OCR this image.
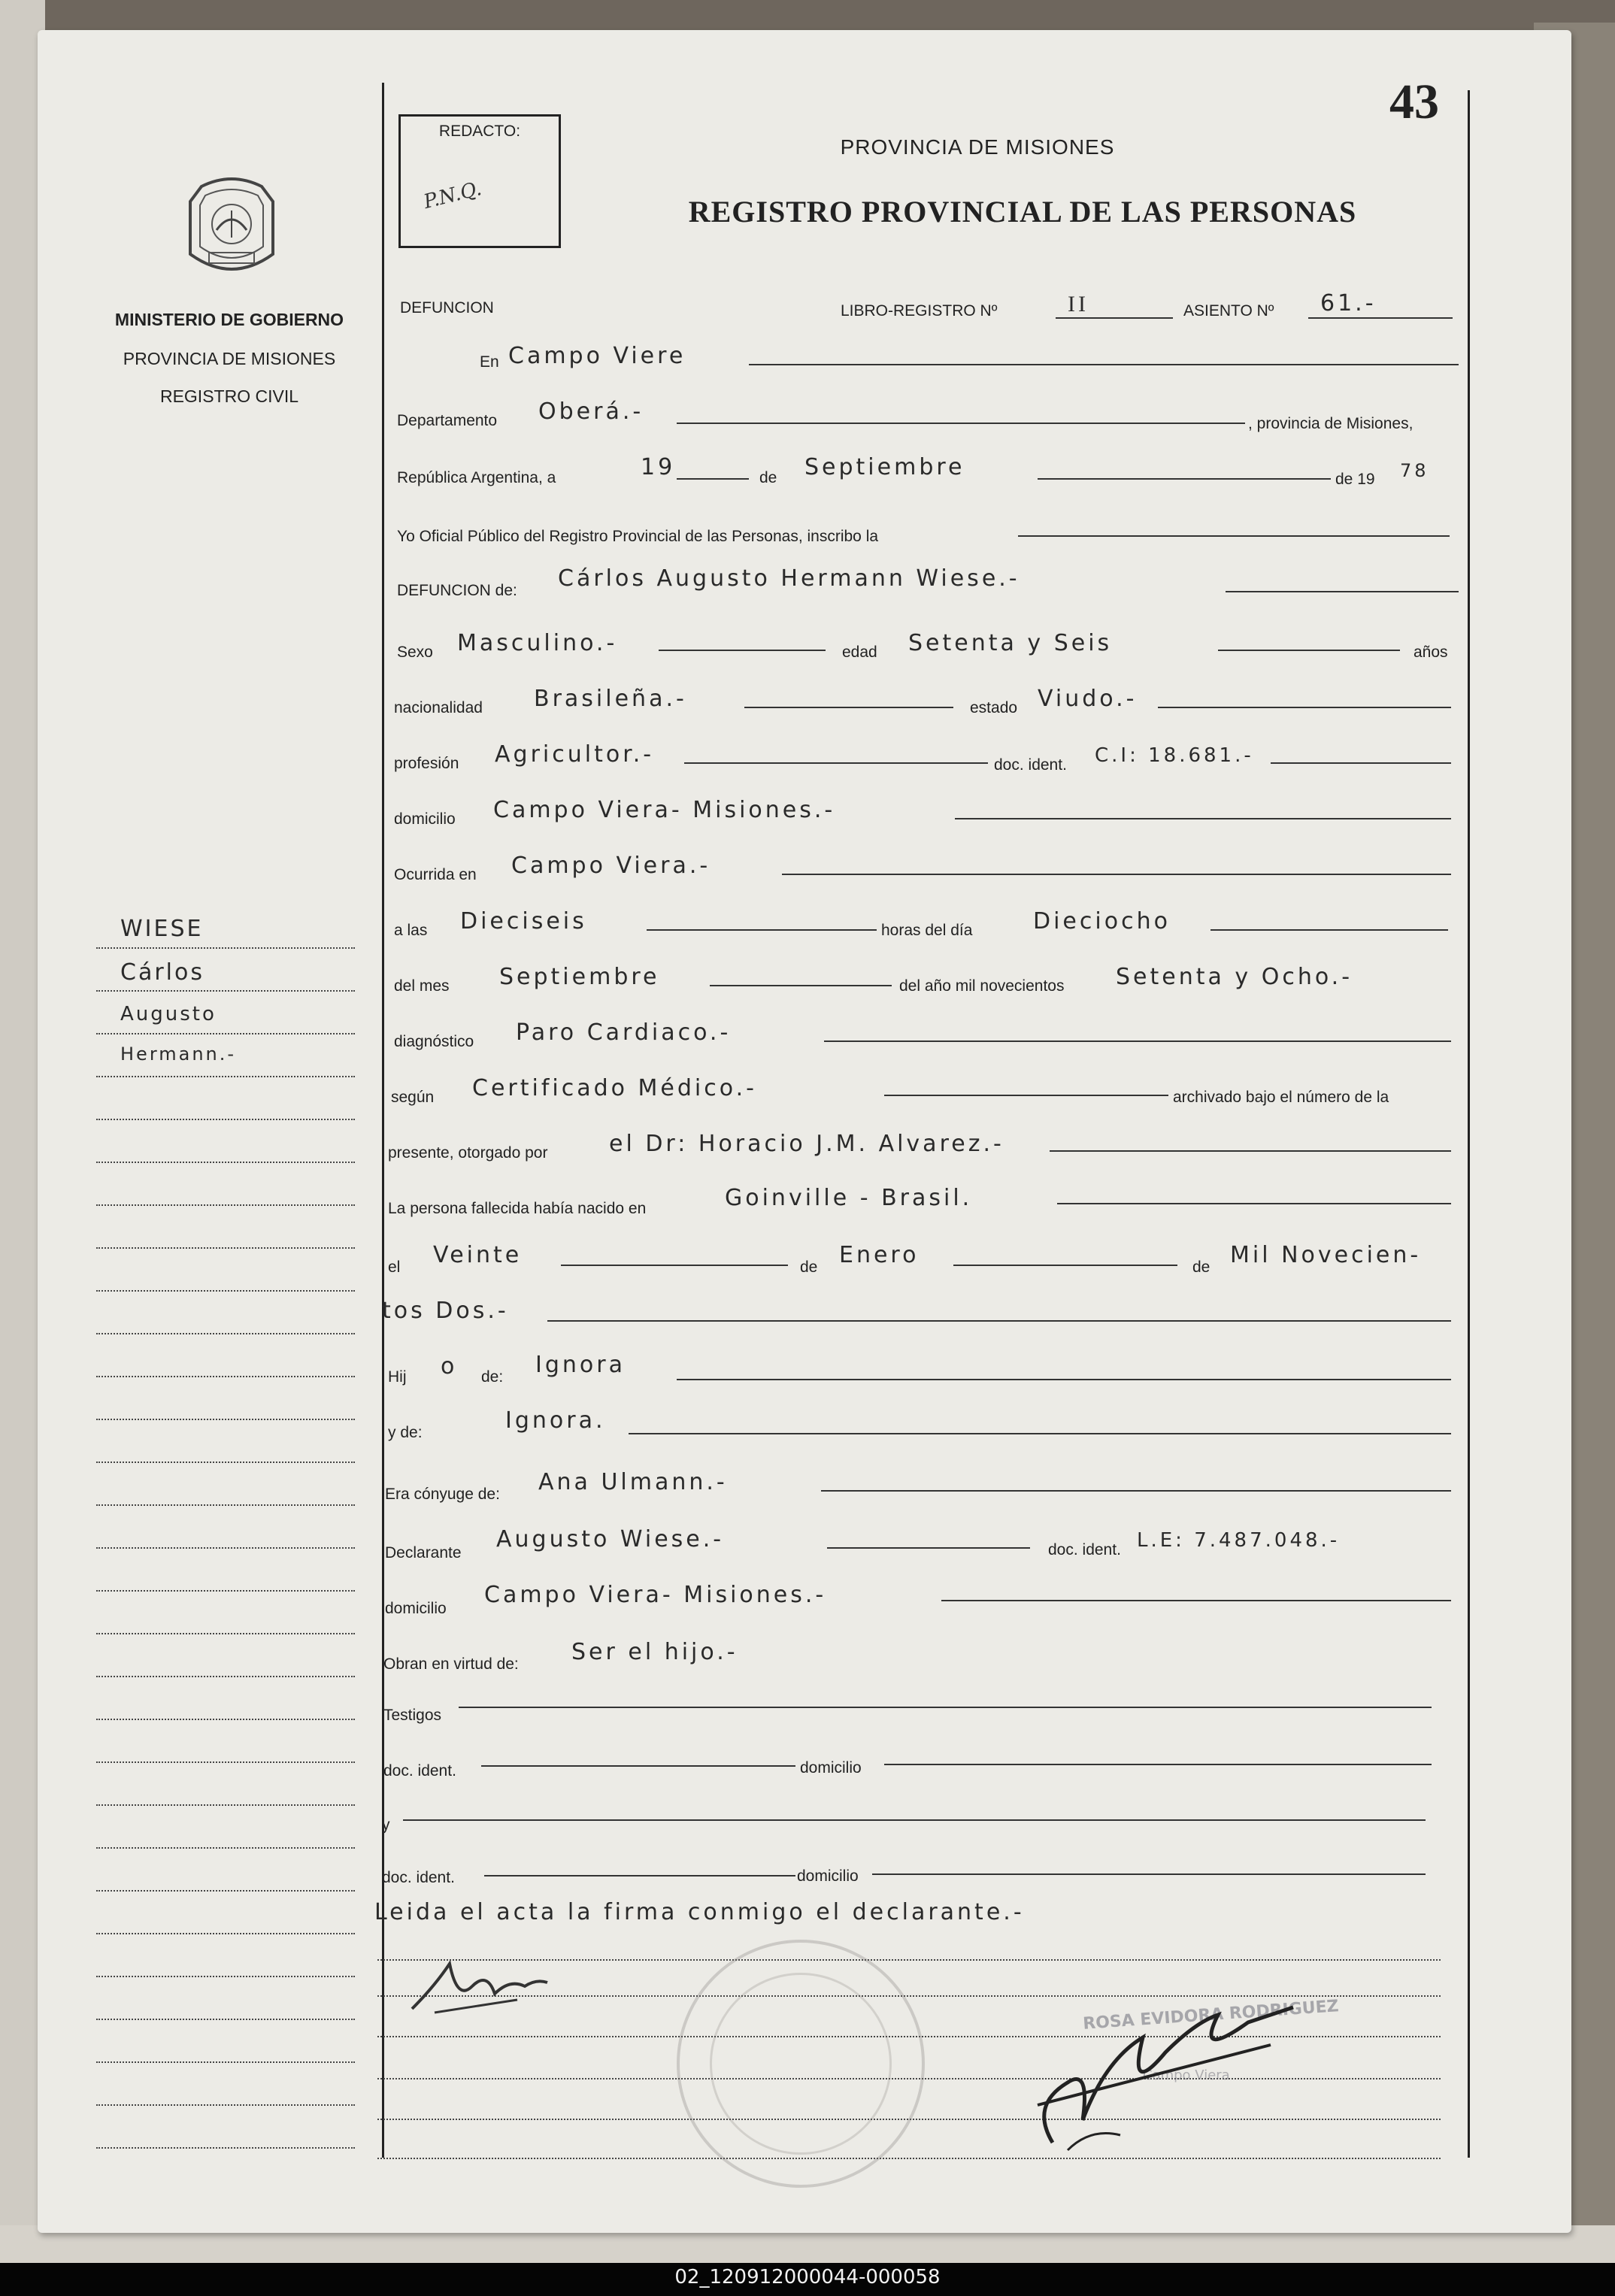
43
MINISTERIO DE GOBIERNO
PROVINCIA DE MISIONES
REGISTRO CIVIL
REDACTO:
P.N.Q.
PROVINCIA DE MISIONES
REGISTRO PROVINCIAL DE LAS PERSONAS
DEFUNCION	LIBRO-REGISTRO Nº	II	ASIENTO Nº 61.-
En Campo Viere
Departamento Oberá.-	, provincia de Misiones,
República Argentina, a	19	de Septiembre	de 19 78
Yo Oficial Público del Registro Provincial de las Personas, inscribo la
DEFUNCION de: Cárlos Augusto Hermann Wiese.-
Sexo Masculino.-	edad Setenta y Seis	años
nacionalidad Brasileña.-	estado Viudo.-
profesión Agricultor.-	doc. ident. C.I: 18.681.-
domicilio Campo Viera- Misiones.-
Ocurrida en Campo Viera.-
a las Dieciseis	horas del día	Dieciocho
del mes Septiembre	del año mil novecientos Setenta y Ocho.-
diagnóstico Paro Cardiaco.-
según Certificado Médico.-	archivado bajo el número de la
presente, otorgado por	el Dr: Horacio J.M. Alvarez.-
La persona fallecida había nacido en	Goinville - Brasil.
el Veinte	de Enero	de Mil Novecien-
tos Dos.-
Hij o de: Ignora
y de:	Ignora.
Era cónyuge de: Ana Ulmann.-
Declarante
Augusto Wiese.-	doc. ident. L.E: 7.487.048.-
domicilio
Campo Viera- Misiones.-
Obran en virtud de: Ser el hijo.-
Testigos
doc. ident.	domicilio
y
doc. ident.	domicilio
Leida el acta la firma conmigo el declarante.-
WIESE
Cárlos
Augusto
Hermann.-
ROSA EVIDORA RODRIGUEZ
Campo Viera
02_120912000044-000058
